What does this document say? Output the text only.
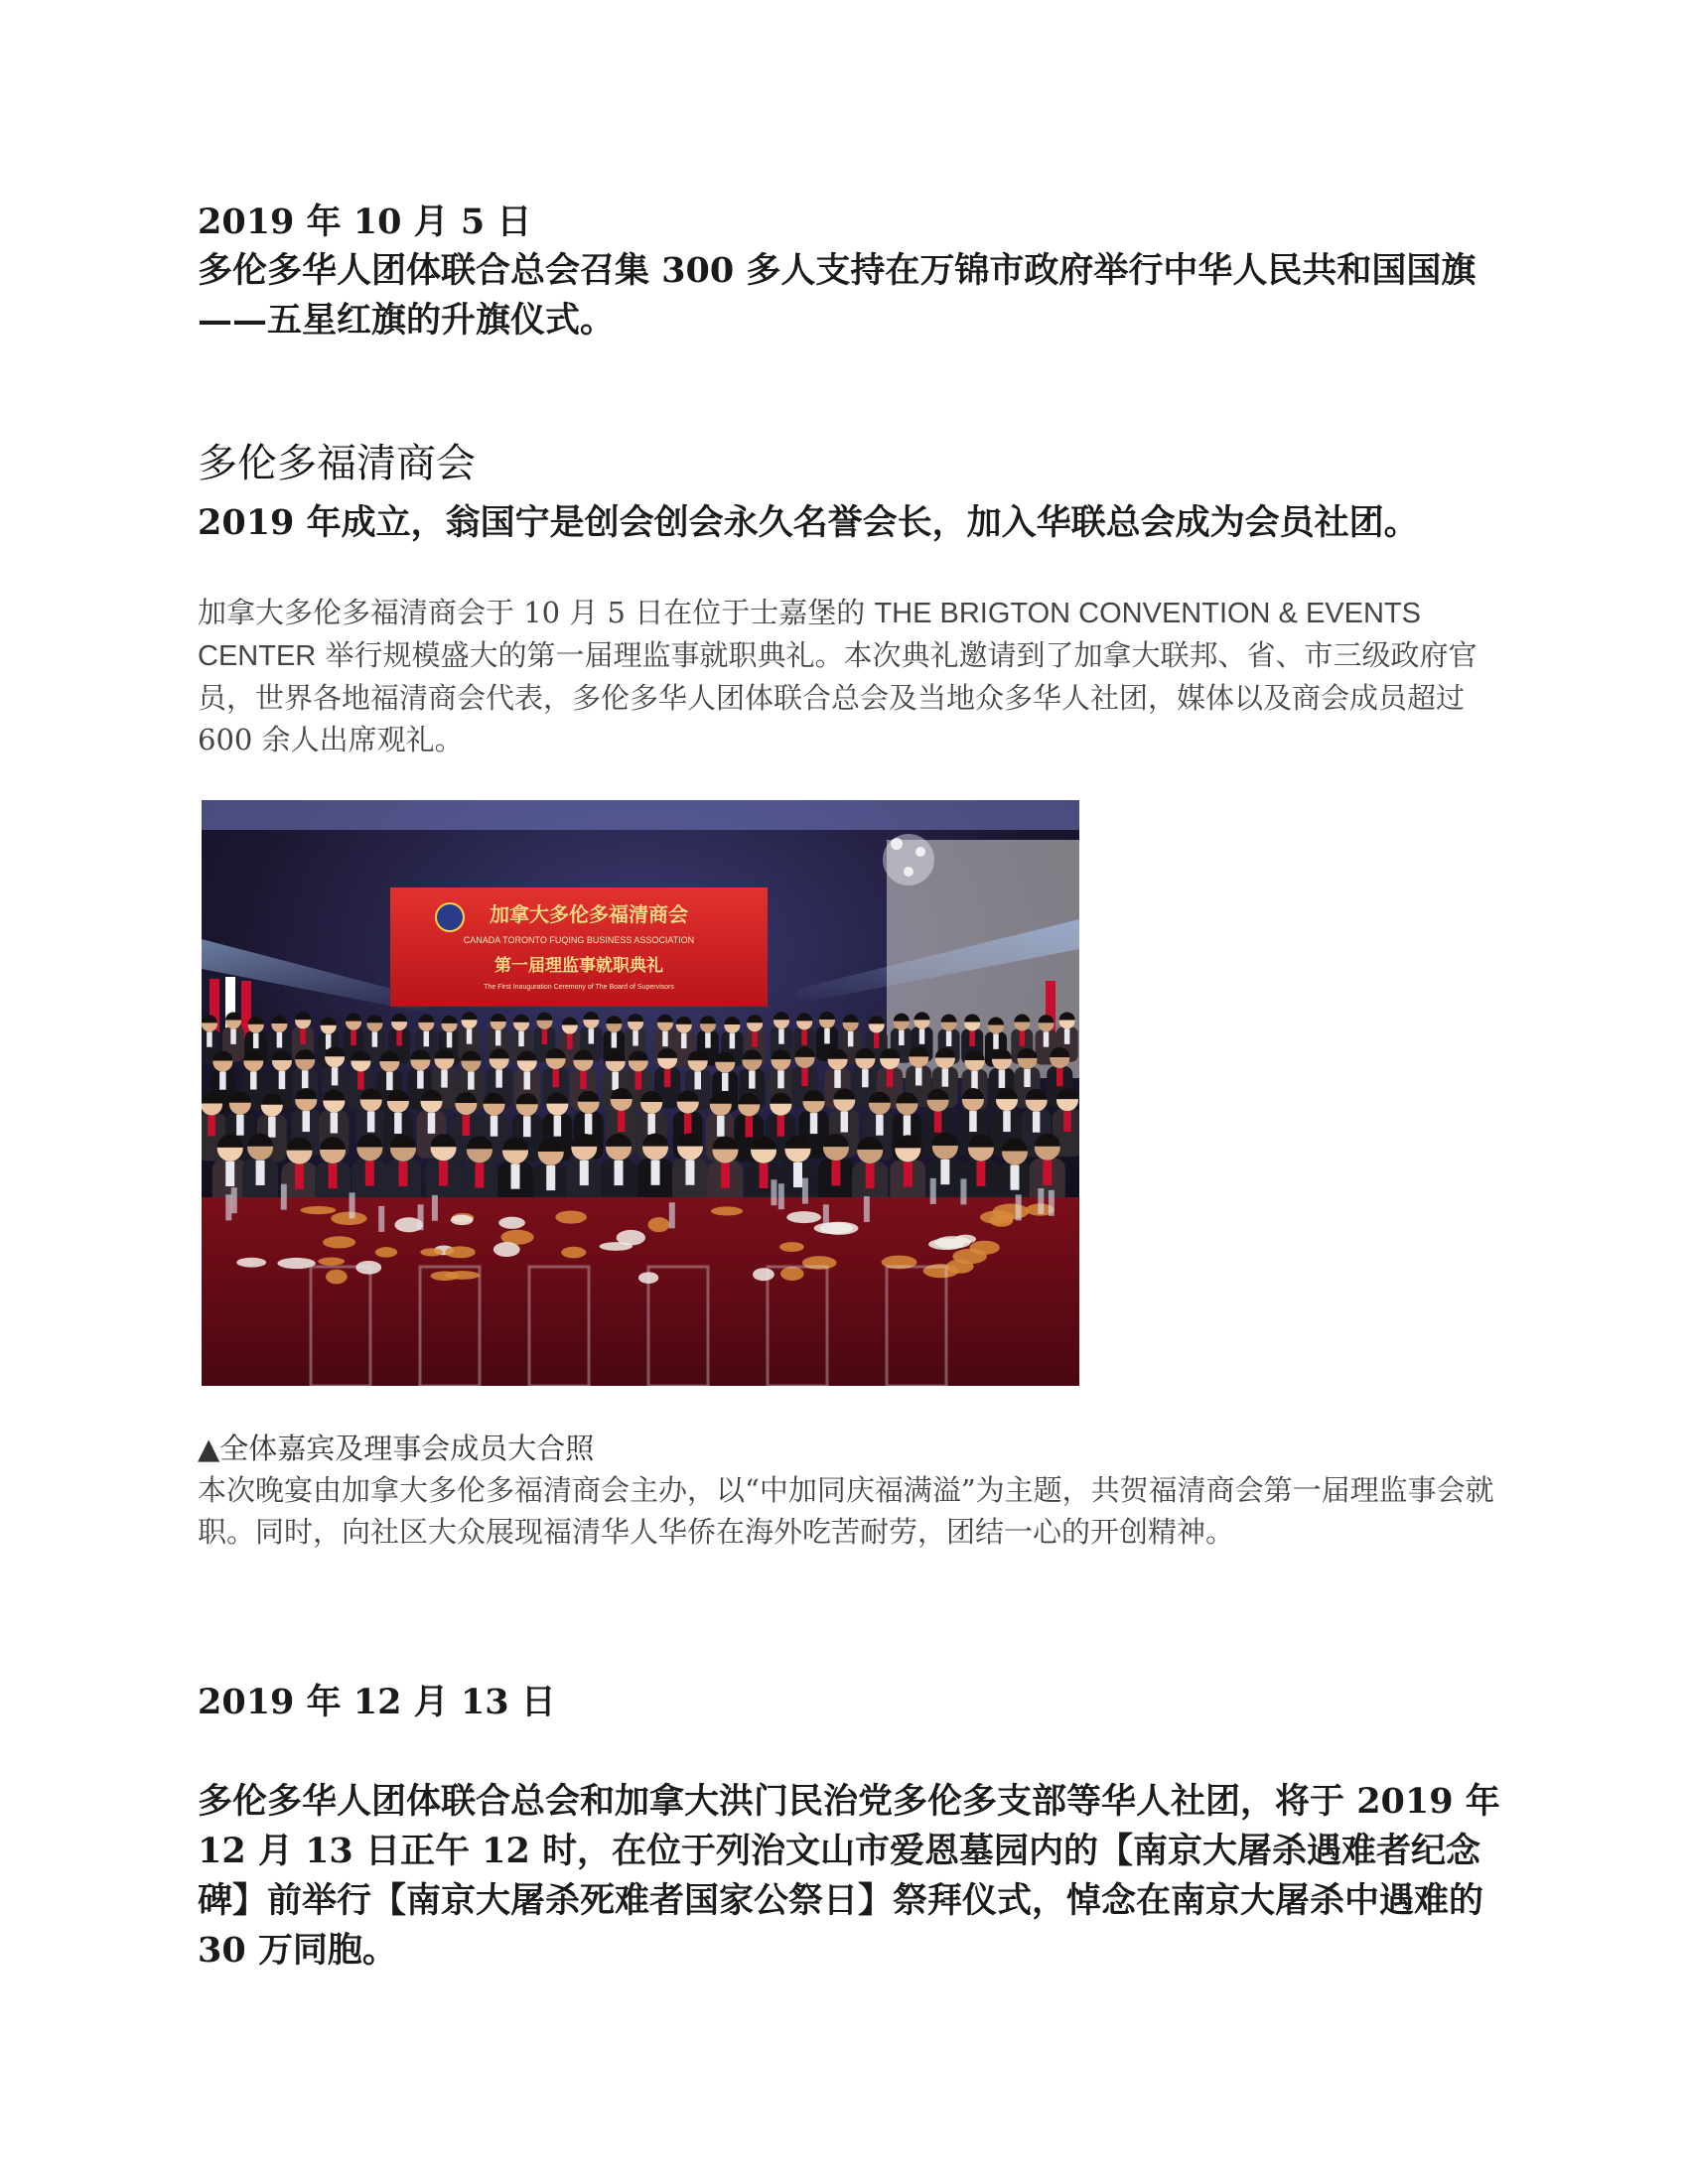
2019 年 10 月 5 日

多伦多华人团体联合总会召集 300 多人支持在万锦市政府举行中华人民共和国国旗——五星红旗的升旗仪式。

多伦多福清商会

2019 年成立，翁国宁是创会创会永久名誉会长，加入华联总会成为会员社团。

加拿大多伦多福清商会于 10 月 5 日在位于士嘉堡的 THE BRIGTON CONVENTION & EVENTS CENTER 举行规模盛大的第一届理监事就职典礼。本次典礼邀请到了加拿大联邦、省、市三级政府官员，世界各地福清商会代表，多伦多华人团体联合总会及当地众多华人社团，媒体以及商会成员超过 600 余人出席观礼。

加拿大多伦多福清商会
CANADA TORONTO FUQING BUSINESS ASSOCIATION
第一届理监事就职典礼
The First Inauguration Ceremony of The Board of Supervisors

▲全体嘉宾及理事会成员大合照

本次晚宴由加拿大多伦多福清商会主办，以“中加同庆福满溢”为主题，共贺福清商会第一届理监事会就职。同时，向社区大众展现福清华人华侨在海外吃苦耐劳，团结一心的开创精神。

2019 年 12 月 13 日

多伦多华人团体联合总会和加拿大洪门民治党多伦多支部等华人社团，将于 2019 年 12 月 13 日正午 12 时，在位于列治文山市爱恩墓园内的【南京大屠杀遇难者纪念碑】前举行【南京大屠杀死难者国家公祭日】祭拜仪式，悼念在南京大屠杀中遇难的 30 万同胞。
